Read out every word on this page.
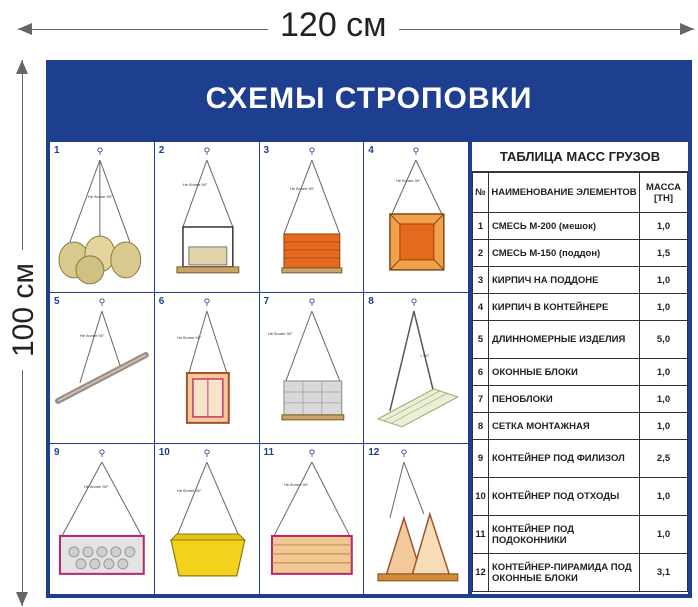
120 см
100 см
СХЕМЫ СТРОПОВКИ
1	⚲
Не более 90°
2	⚲
Не более 90°
3	⚲
Не более 90°
4	⚲
Не более 90°
5	⚲
Не более 90°
6	⚲
Не более 90°
7	⚲
Не более 90°
8	⚲
< 90°
9	⚲
Не более 90°
10	⚲
Не более 90°
11	⚲
Не более 90°
12 ⚲
ТАБЛИЦА МАСС ГРУЗОВ
№	НАИМЕНОВАНИЕ ЭЛЕМЕНТОВ	МАССА [ТН]
1	СМЕСЬ М-200 (мешок)	1,0
2	СМЕСЬ М-150 (поддон)	1,5
3	КИРПИЧ НА ПОДДОНЕ	1,0
4	КИРПИЧ В КОНТЕЙНЕРЕ	1,0
5	ДЛИННОМЕРНЫЕ ИЗДЕЛИЯ	5,0
6	ОКОННЫЕ БЛОКИ	1,0
7	ПЕНОБЛОКИ	1,0
8	СЕТКА МОНТАЖНАЯ	1,0
9	КОНТЕЙНЕР ПОД ФИЛИЗОЛ	2,5
10	КОНТЕЙНЕР ПОД ОТХОДЫ	1,0
11	КОНТЕЙНЕР ПОД ПОДОКОННИКИ	1,0
12	КОНТЕЙНЕР-ПИРАМИДА ПОД ОКОННЫЕ БЛОКИ	3,1
